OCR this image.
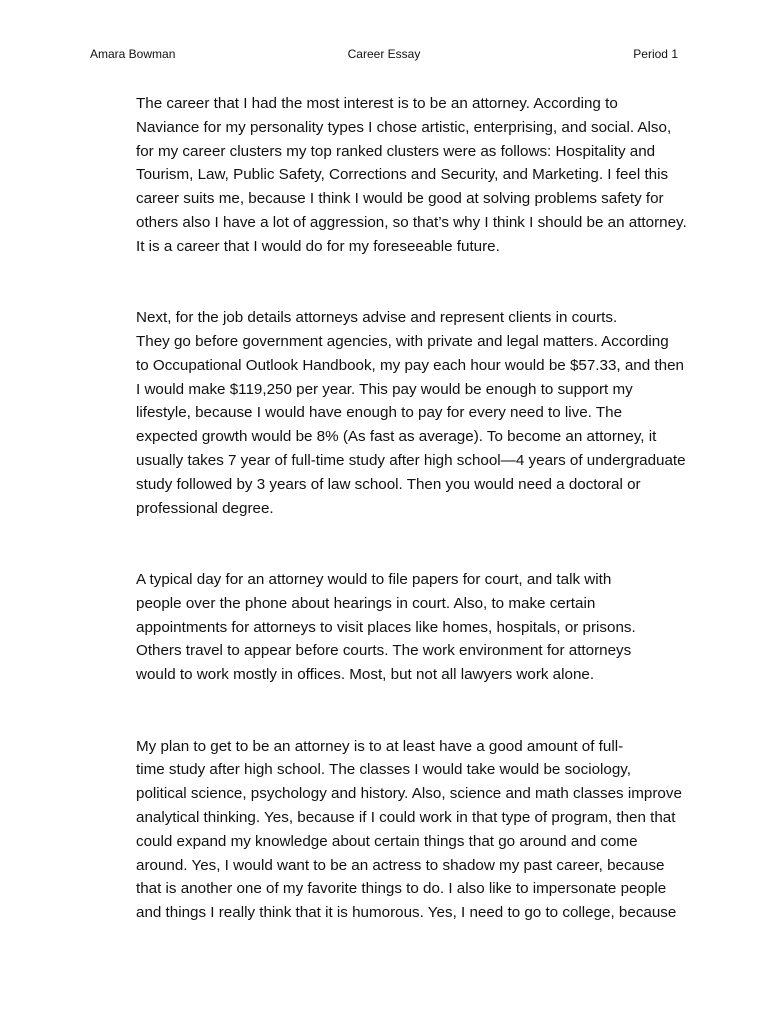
Amara Bowman	Career Essay	Period 1

The career that I had the most interest is to be an attorney. According to
Naviance for my personality types I chose artistic, enterprising, and social. Also,
for my career clusters my top ranked clusters were as follows: Hospitality and
Tourism, Law, Public Safety, Corrections and Security, and Marketing. I feel this
career suits me, because I think I would be good at solving problems safety for
others also I have a lot of aggression, so that’s why I think I should be an attorney.
It is a career that I would do for my foreseeable future.

Next, for the job details attorneys advise and represent clients in courts.
They go before government agencies, with private and legal matters. According
to Occupational Outlook Handbook, my pay each hour would be $57.33, and then
I would make $119,250 per year. This pay would be enough to support my
lifestyle, because I would have enough to pay for every need to live. The
expected growth would be 8% (As fast as average). To become an attorney, it
usually takes 7 year of full-time study after high school—4 years of undergraduate
study followed by 3 years of law school. Then you would need a doctoral or
professional degree.

A typical day for an attorney would to file papers for court, and talk with
people over the phone about hearings in court. Also, to make certain
appointments for attorneys to visit places like homes, hospitals, or prisons.
Others travel to appear before courts. The work environment for attorneys
would to work mostly in offices. Most, but not all lawyers work alone.

My plan to get to be an attorney is to at least have a good amount of full-
time study after high school. The classes I would take would be sociology,
political science, psychology and history. Also, science and math classes improve
analytical thinking. Yes, because if I could work in that type of program, then that
could expand my knowledge about certain things that go around and come
around. Yes, I would want to be an actress to shadow my past career, because
that is another one of my favorite things to do. I also like to impersonate people
and things I really think that it is humorous. Yes, I need to go to college, because
